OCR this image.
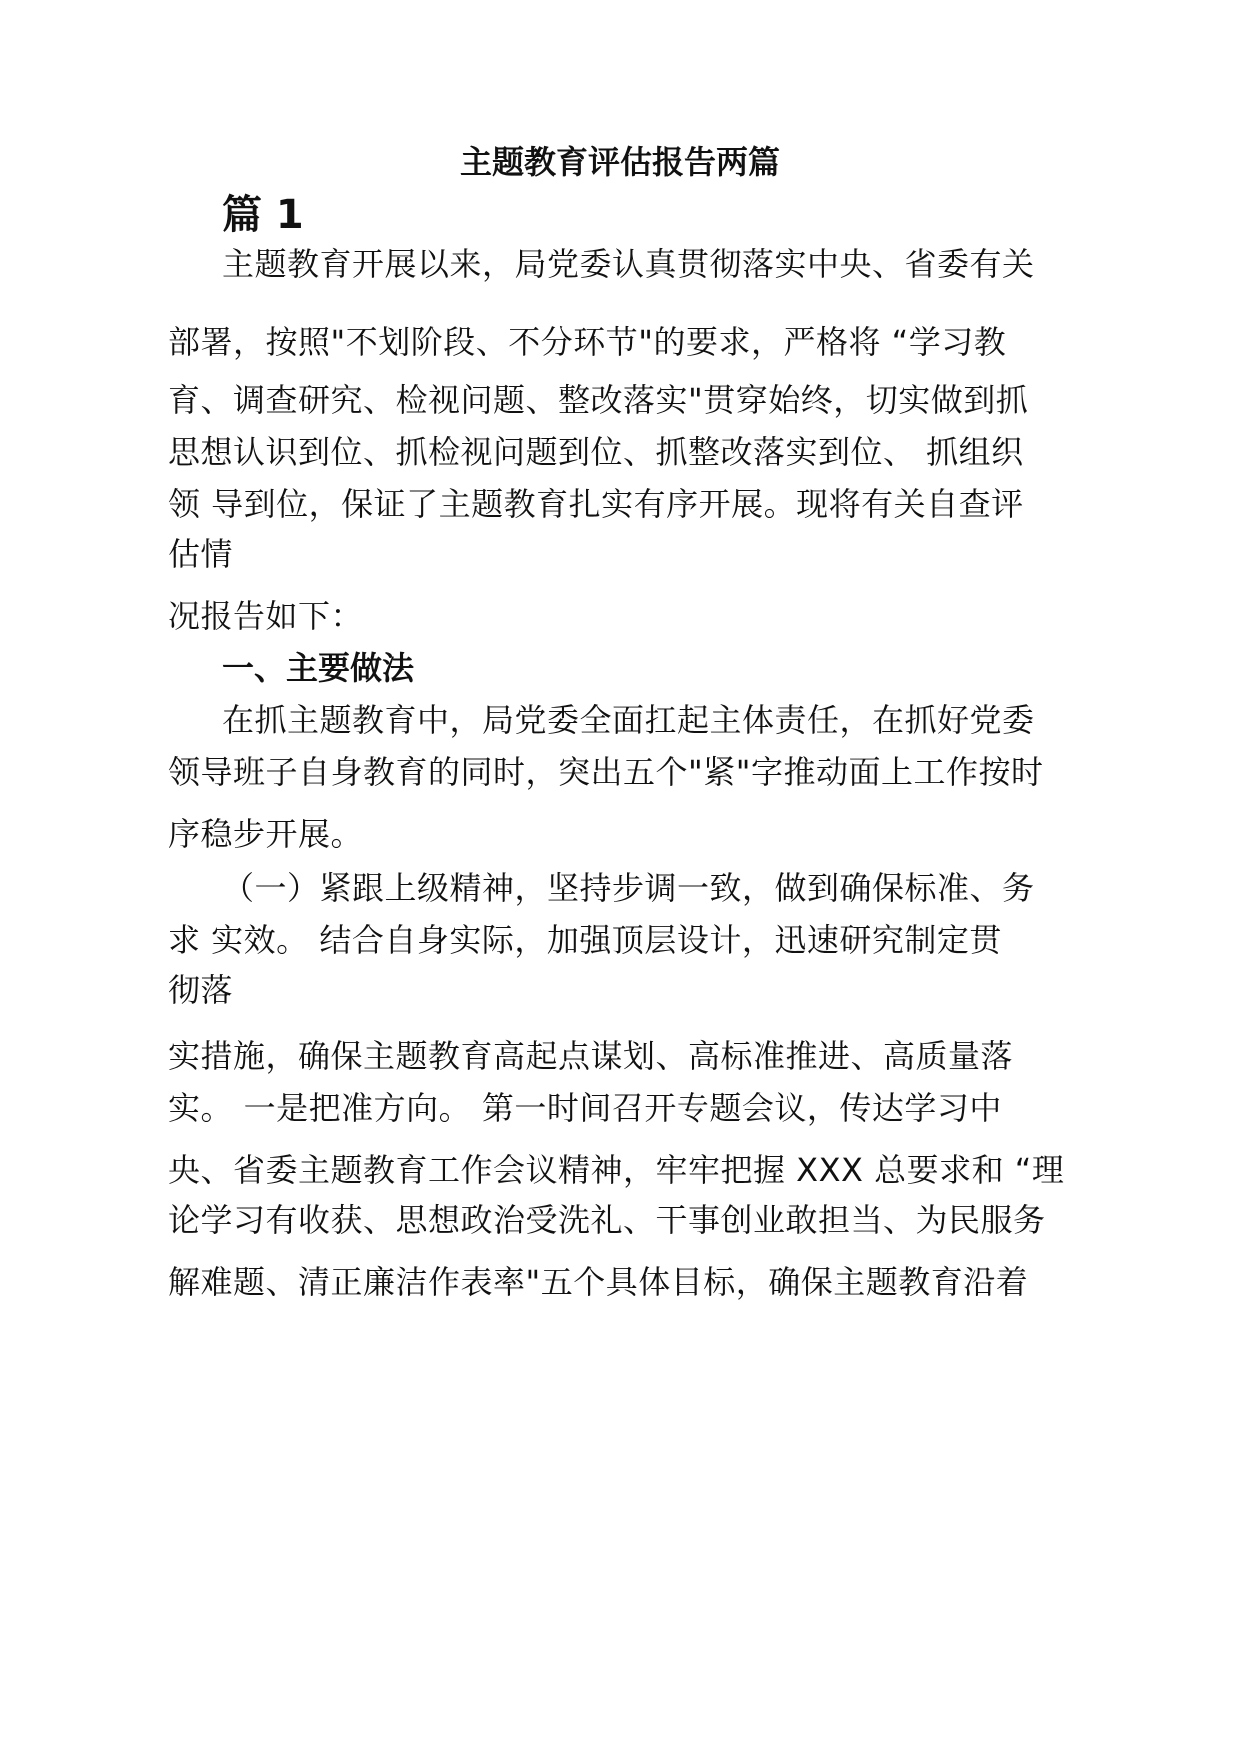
主题教育评估报告两篇
篇 1
主题教育开展以来，局党委认真贯彻落实中央、省委有关
部署，按照"不划阶段、不分环节"的要求，严格将 “学习教
育、调查研究、检视问题、整改落实"贯穿始终，切实做到抓
思想认识到位、抓检视问题到位、抓整改落实到位、 抓组织
领 导到位，保证了主题教育扎实有序开展。现将有关自查评
估情
况报告如下：
一、主要做法
在抓主题教育中，局党委全面扛起主体责任，在抓好党委
领导班子自身教育的同时，突出五个"紧"字推动面上工作按时
序稳步开展。
（一）紧跟上级精神，坚持步调一致，做到确保标准、务
求 实效。 结合自身实际，加强顶层设计，迅速研究制定贯
彻落
实措施，确保主题教育高起点谋划、高标准推进、高质量落
实。 一是把准方向。 第一时间召开专题会议，传达学习中
央、省委主题教育工作会议精神，牢牢把握 XXX 总要求和 “理
论学习有收获、思想政治受洗礼、干事创业敢担当、为民服务
解难题、清正廉洁作表率"五个具体目标，确保主题教育沿着
